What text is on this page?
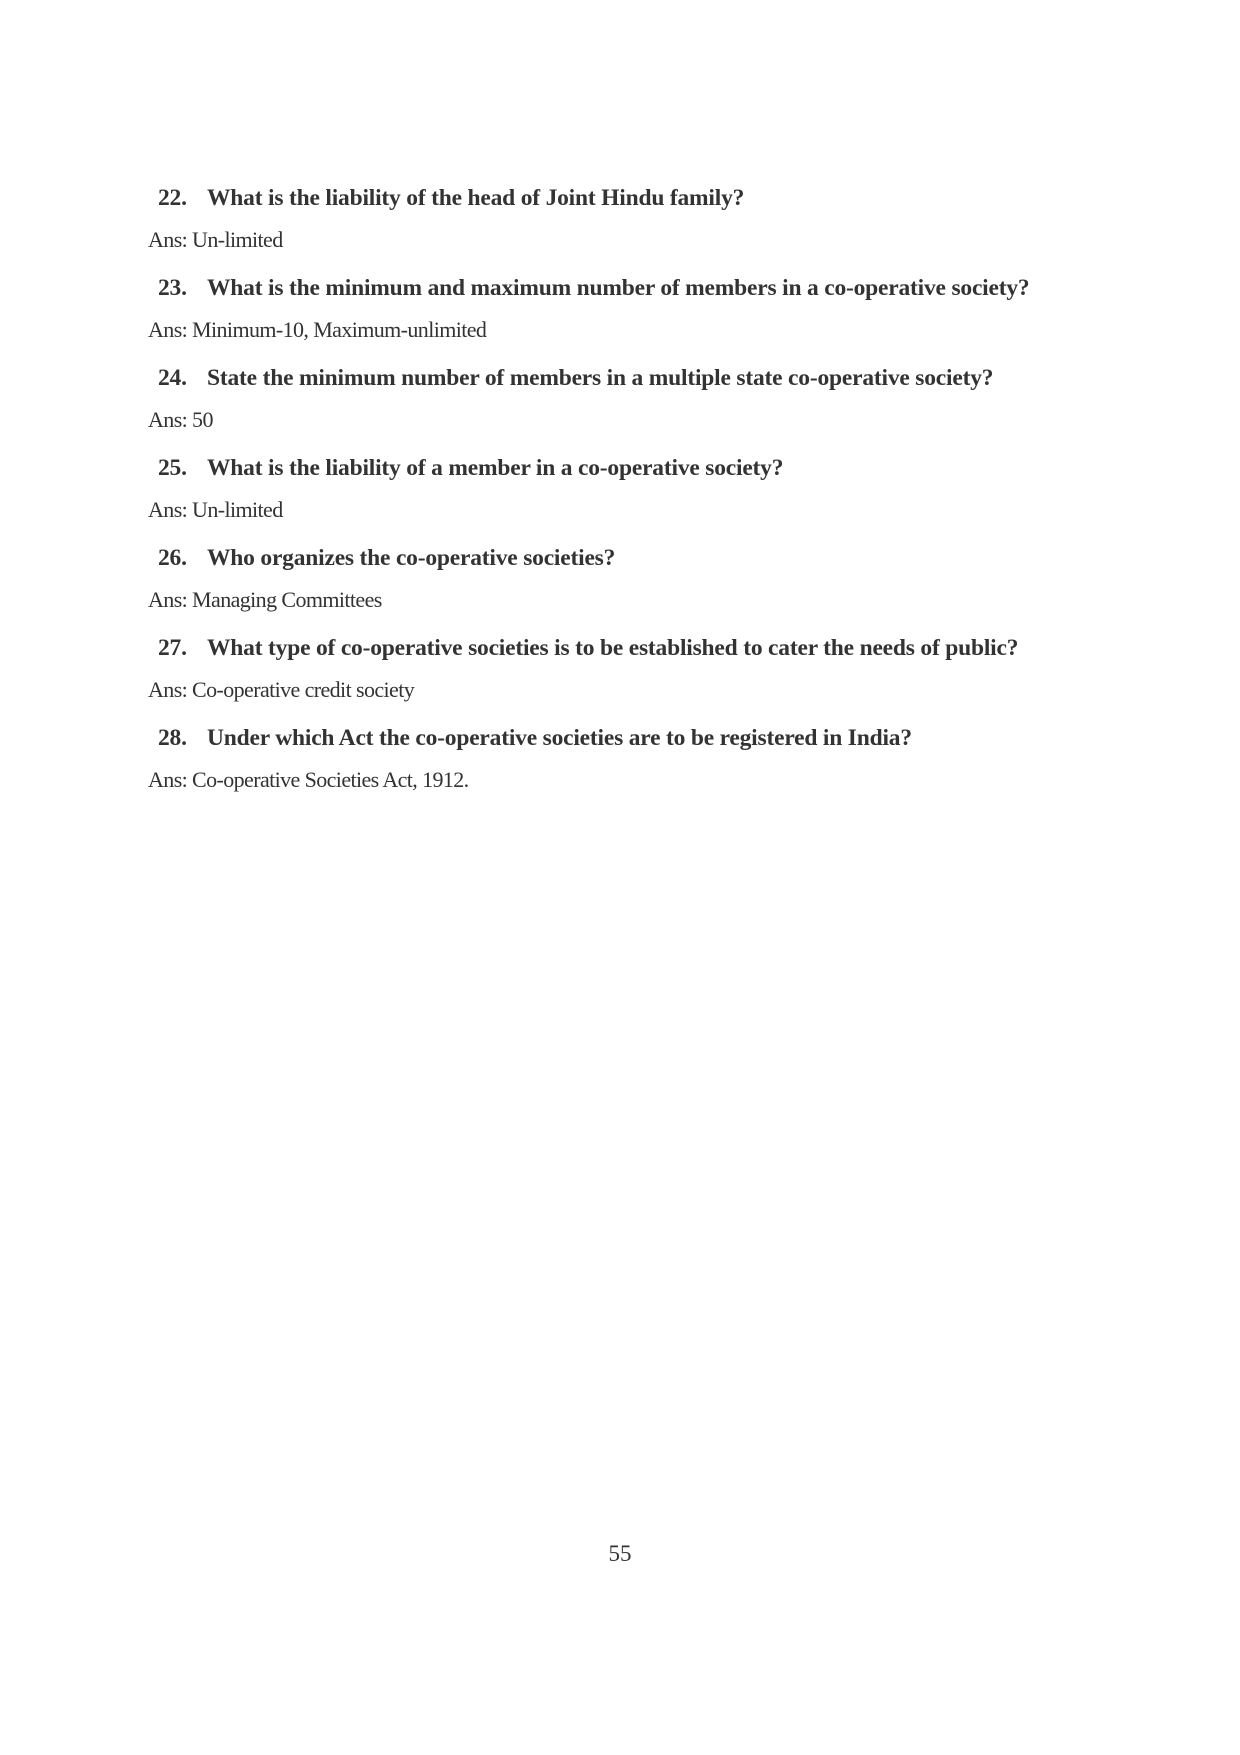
22. What is the liability of the head of Joint Hindu family?

Ans: Un-limited

23. What is the minimum and maximum number of members in a co-operative society?

Ans: Minimum-10, Maximum-unlimited

24. State the minimum number of members in a multiple state co-operative society?

Ans: 50

25. What is the liability of a member in a co-operative society?

Ans: Un-limited

26. Who organizes the co-operative societies?

Ans: Managing Committees

27. What type of co-operative societies is to be established to cater the needs of public?

Ans: Co-operative credit society

28. Under which Act the co-operative societies are to be registered in India?

Ans: Co-operative Societies Act, 1912.

55
